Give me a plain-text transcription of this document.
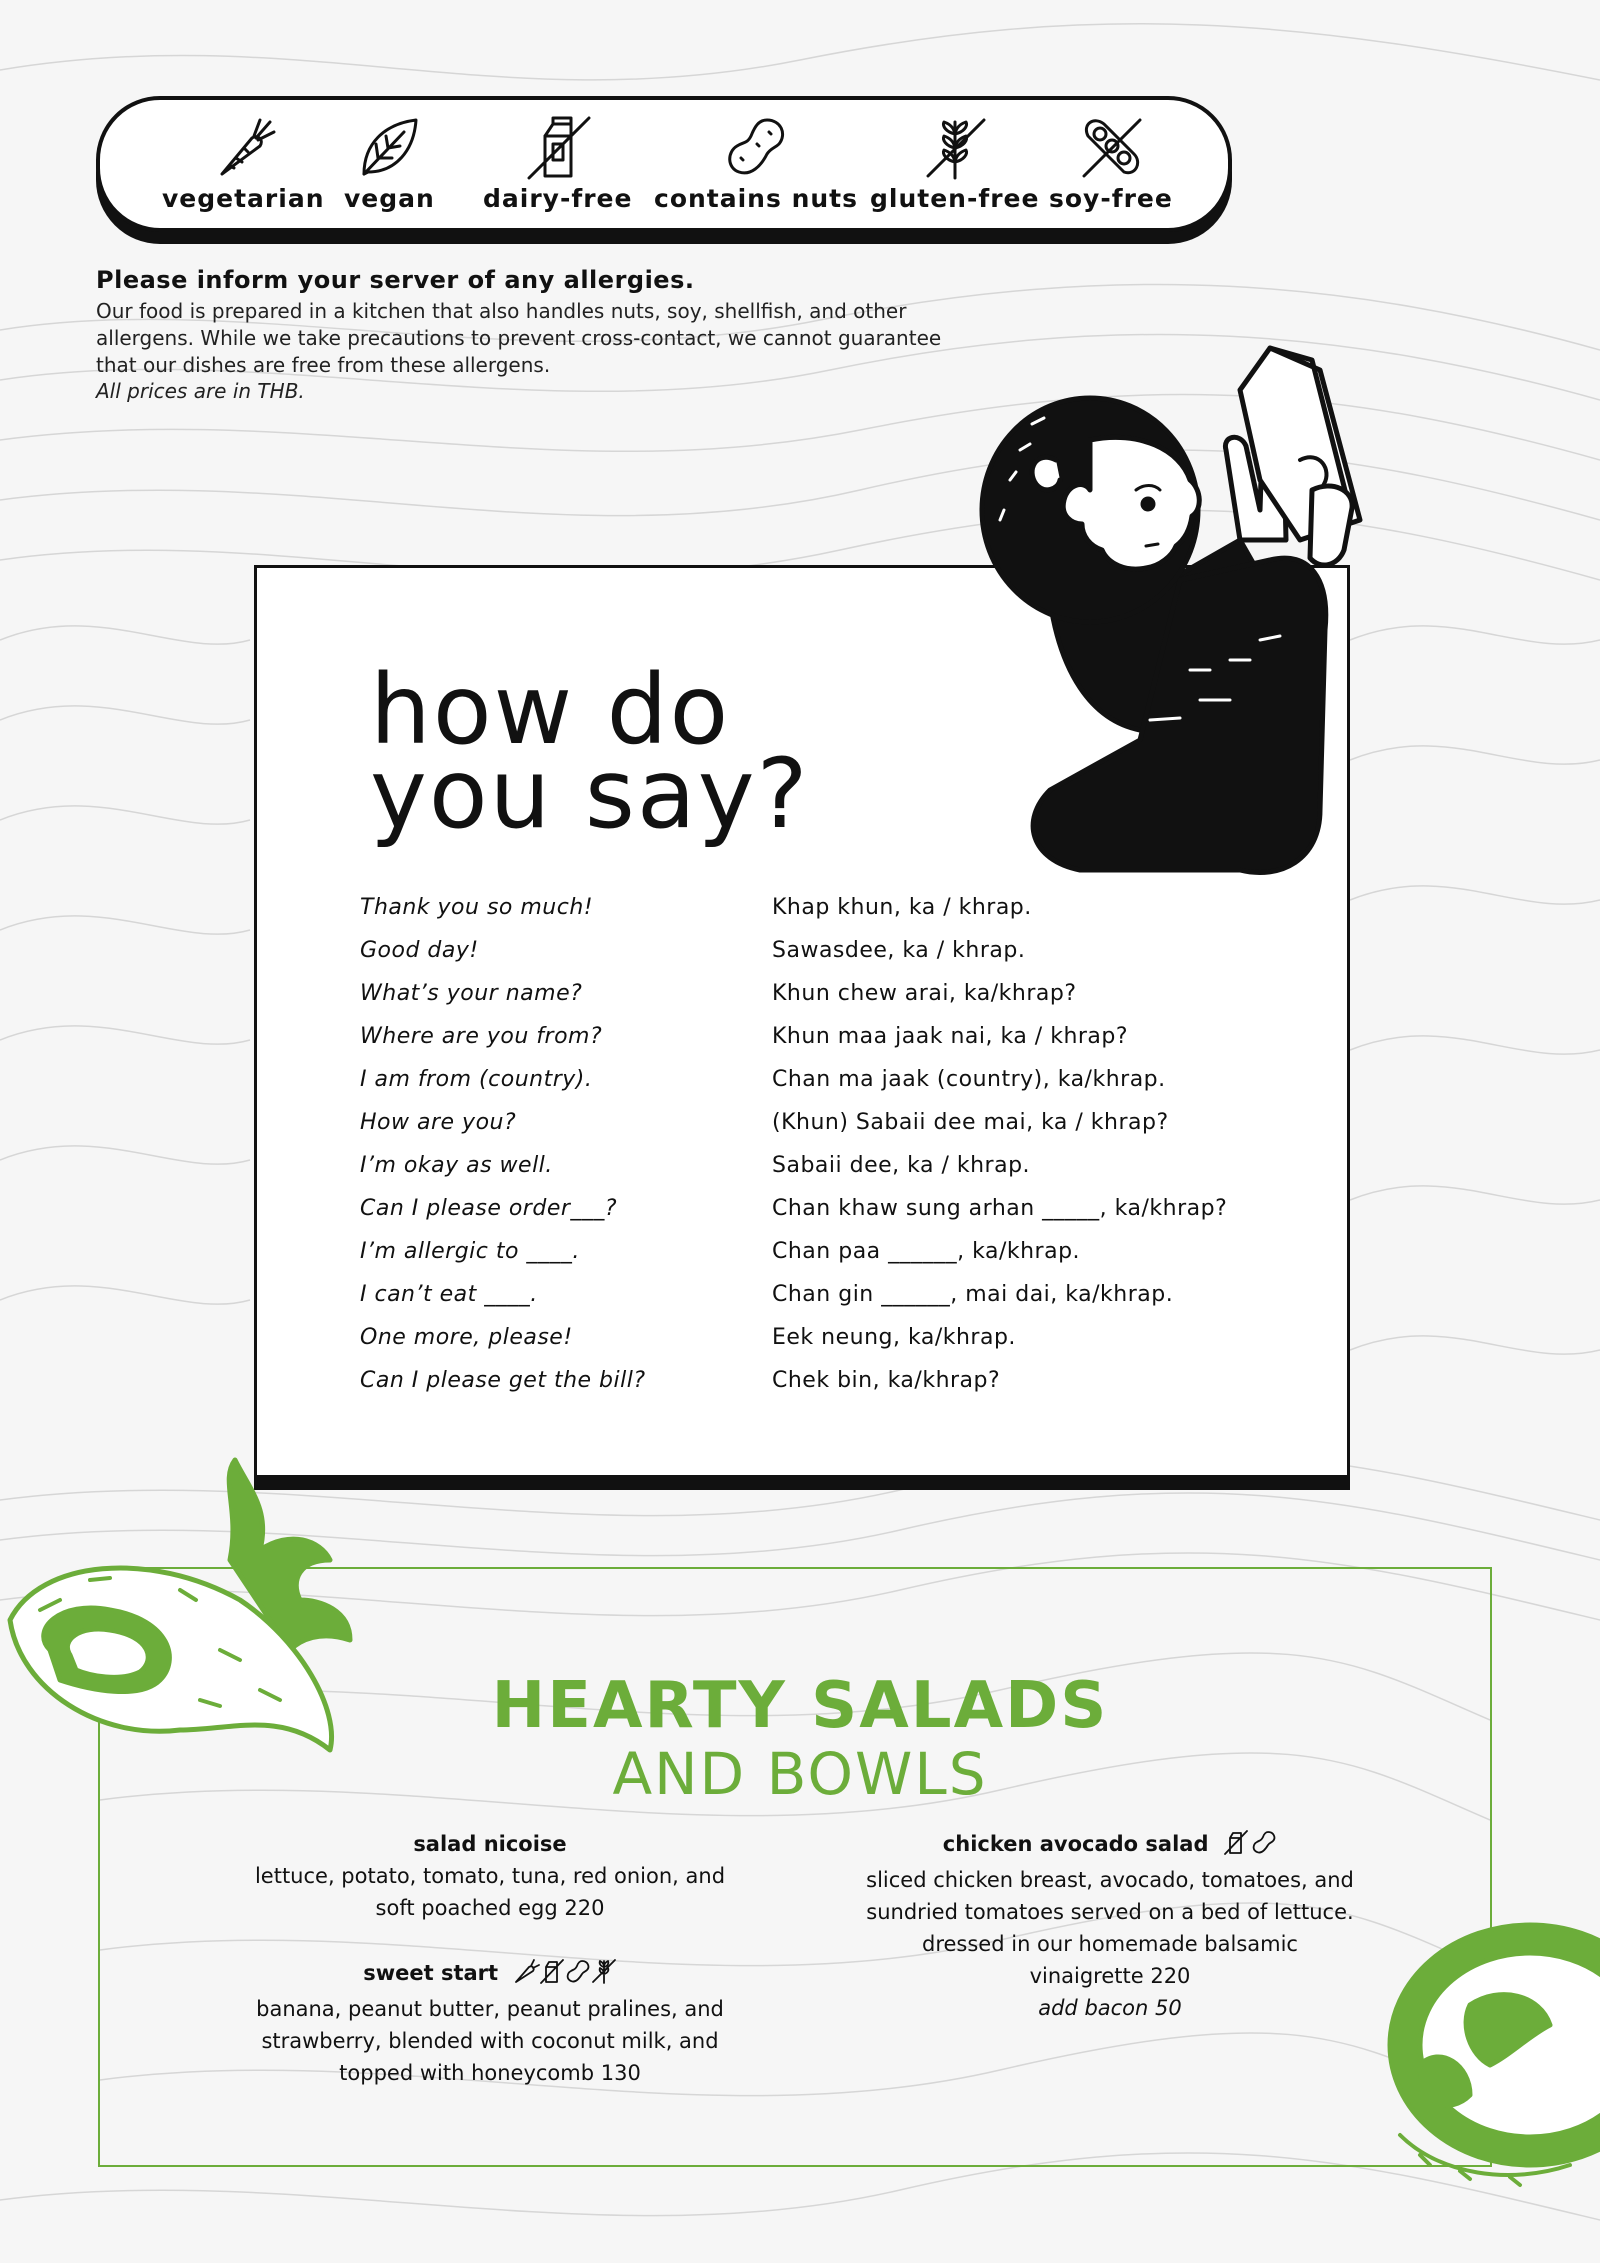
vegetarian vegan dairy-free contains nuts gluten-free soy-free

Please inform your server of any allergies.

Our food is prepared in a kitchen that also handles nuts, soy, shellfish, and other allergens. While we take precautions to prevent cross-contact, we cannot guarantee that our dishes are free from these allergens.

All prices are in THB.

how do
you say?
Thank you so much!	Khap khun, ka / khrap.
Good day!	Sawasdee, ka / khrap.
What’s your name?	Khun chew arai, ka/khrap?
Where are you from?	Khun maa jaak nai, ka / khrap?
I am from (country).	Chan ma jaak (country), ka/khrap.
How are you?	(Khun) Sabaii dee mai, ka / khrap?
I’m okay as well.	Sabaii dee, ka / khrap.
Can I please order___?	Chan khaw sung arhan _____, ka/khrap?
I’m allergic to ____.	Chan paa ______, ka/khrap.
I can’t eat ____.	Chan gin ______, mai dai, ka/khrap.
One more, please!	Eek neung, ka/khrap.
Can I please get the bill?	Chek bin, ka/khrap?
HEARTY SALADS
AND BOWLS
salad nicoise
lettuce, potato, tomato, tuna, red onion, and
soft poached egg 220
sweet start
banana, peanut butter, peanut pralines, and
strawberry, blended with coconut milk, and
topped with honeycomb 130
chicken avocado salad
sliced chicken breast, avocado, tomatoes, and
sundried tomatoes served on a bed of lettuce.
dressed in our homemade balsamic
vinaigrette 220
add bacon 50
